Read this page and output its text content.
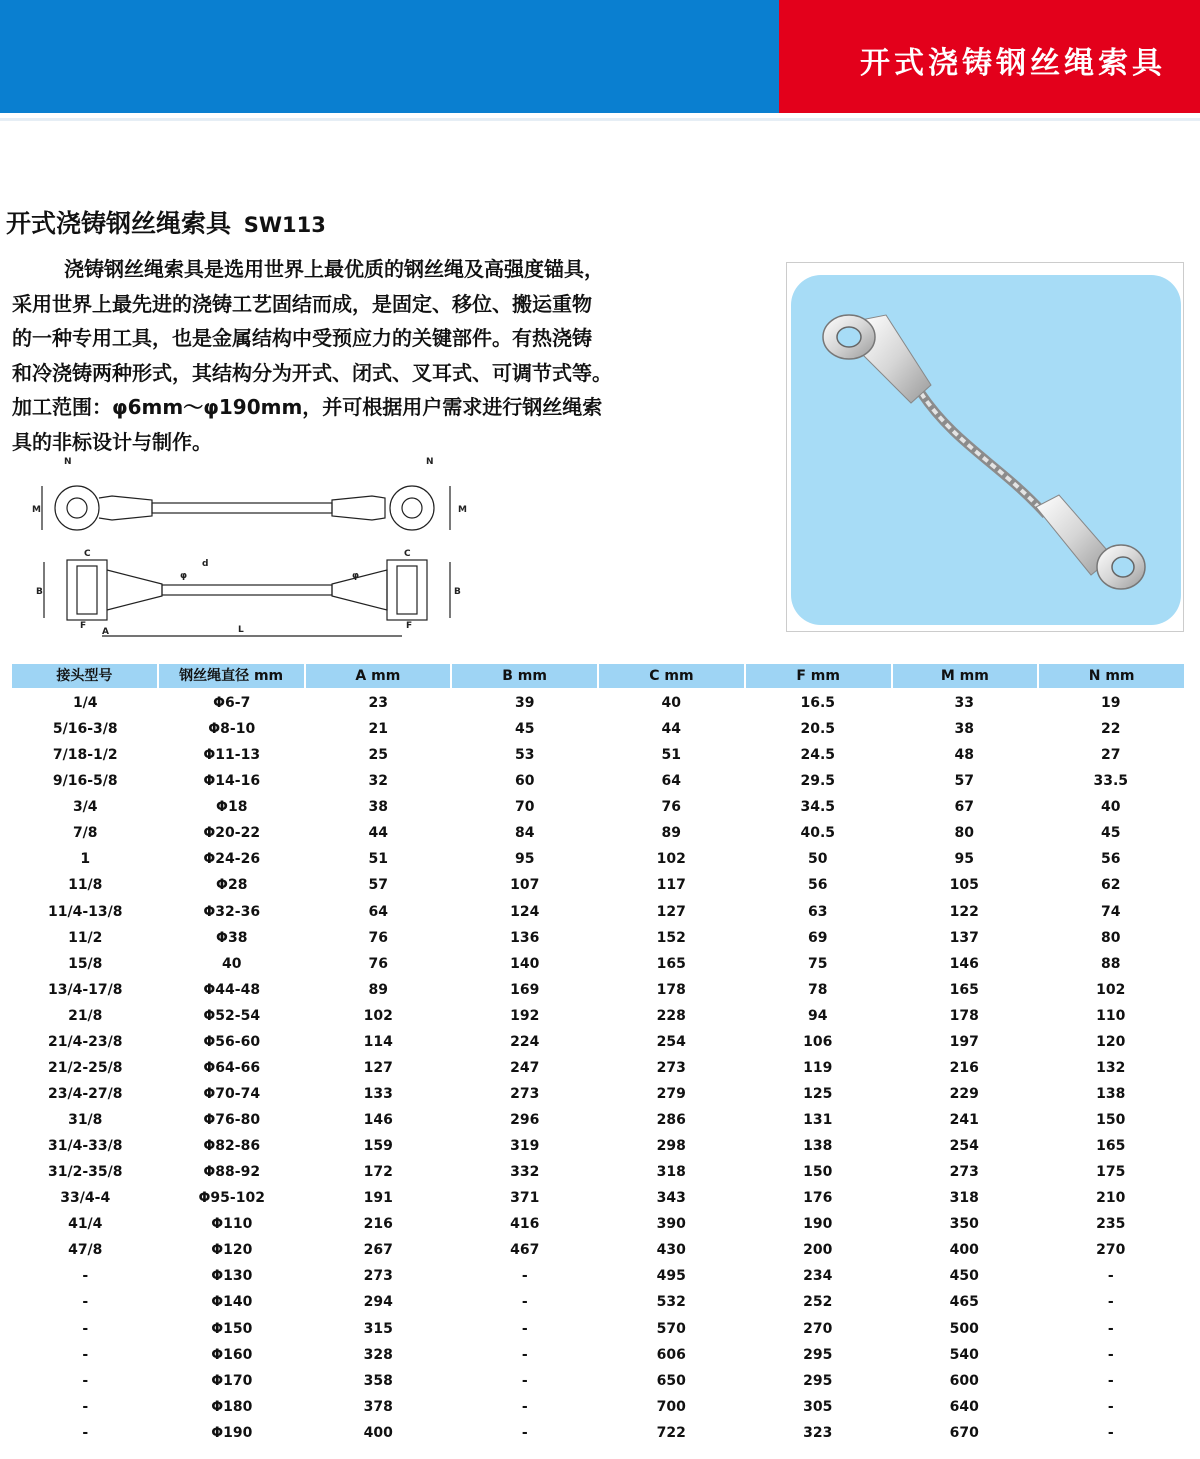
开式浇铸钢丝绳索具
开式浇铸钢丝绳索具 SW113

浇铸钢丝绳索具是选用世界上最优质的钢丝绳及高强度锚具，

采用世界上最先进的浇铸工艺固结而成，是固定、移位、搬运重物

的一种专用工具，也是金属结构中受预应力的关键部件。有热浇铸

和冷浇铸两种形式，其结构分为开式、闭式、叉耳式、可调节式等。

加工范围：φ6mm～φ190mm，并可根据用户需求进行钢丝绳索

具的非标设计与制作。

N	N
M	M
C	C
d
φ	φ
B	B
F
A
F
L
接头型号	钢丝绳直径 mm	A mm	B mm	C mm	F mm	M mm	N mm
1/4	Φ6-7	23	39	40	16.5	33	19
5/16-3/8	Φ8-10	21	45	44	20.5	38	22
7/18-1/2	Φ11-13	25	53	51	24.5	48	27
9/16-5/8	Φ14-16	32	60	64	29.5	57	33.5
3/4	Φ18	38	70	76	34.5	67	40
7/8	Φ20-22	44	84	89	40.5	80	45
1	Φ24-26	51	95	102	50	95	56
11/8	Φ28	57	107	117	56	105	62
11/4-13/8	Φ32-36	64	124	127	63	122	74
11/2	Φ38	76	136	152	69	137	80
15/8	40	76	140	165	75	146	88
13/4-17/8	Φ44-48	89	169	178	78	165	102
21/8	Φ52-54	102	192	228	94	178	110
21/4-23/8	Φ56-60	114	224	254	106	197	120
21/2-25/8	Φ64-66	127	247	273	119	216	132
23/4-27/8	Φ70-74	133	273	279	125	229	138
31/8	Φ76-80	146	296	286	131	241	150
31/4-33/8	Φ82-86	159	319	298	138	254	165
31/2-35/8	Φ88-92	172	332	318	150	273	175
33/4-4	Φ95-102	191	371	343	176	318	210
41/4	Φ110	216	416	390	190	350	235
47/8	Φ120	267	467	430	200	400	270
-	Φ130	273	-	495	234	450	-
-	Φ140	294	-	532	252	465	-
-	Φ150	315	-	570	270	500	-
-	Φ160	328	-	606	295	540	-
-	Φ170	358	-	650	295	600	-
-	Φ180	378	-	700	305	640	-
-	Φ190	400	-	722	323	670	-
